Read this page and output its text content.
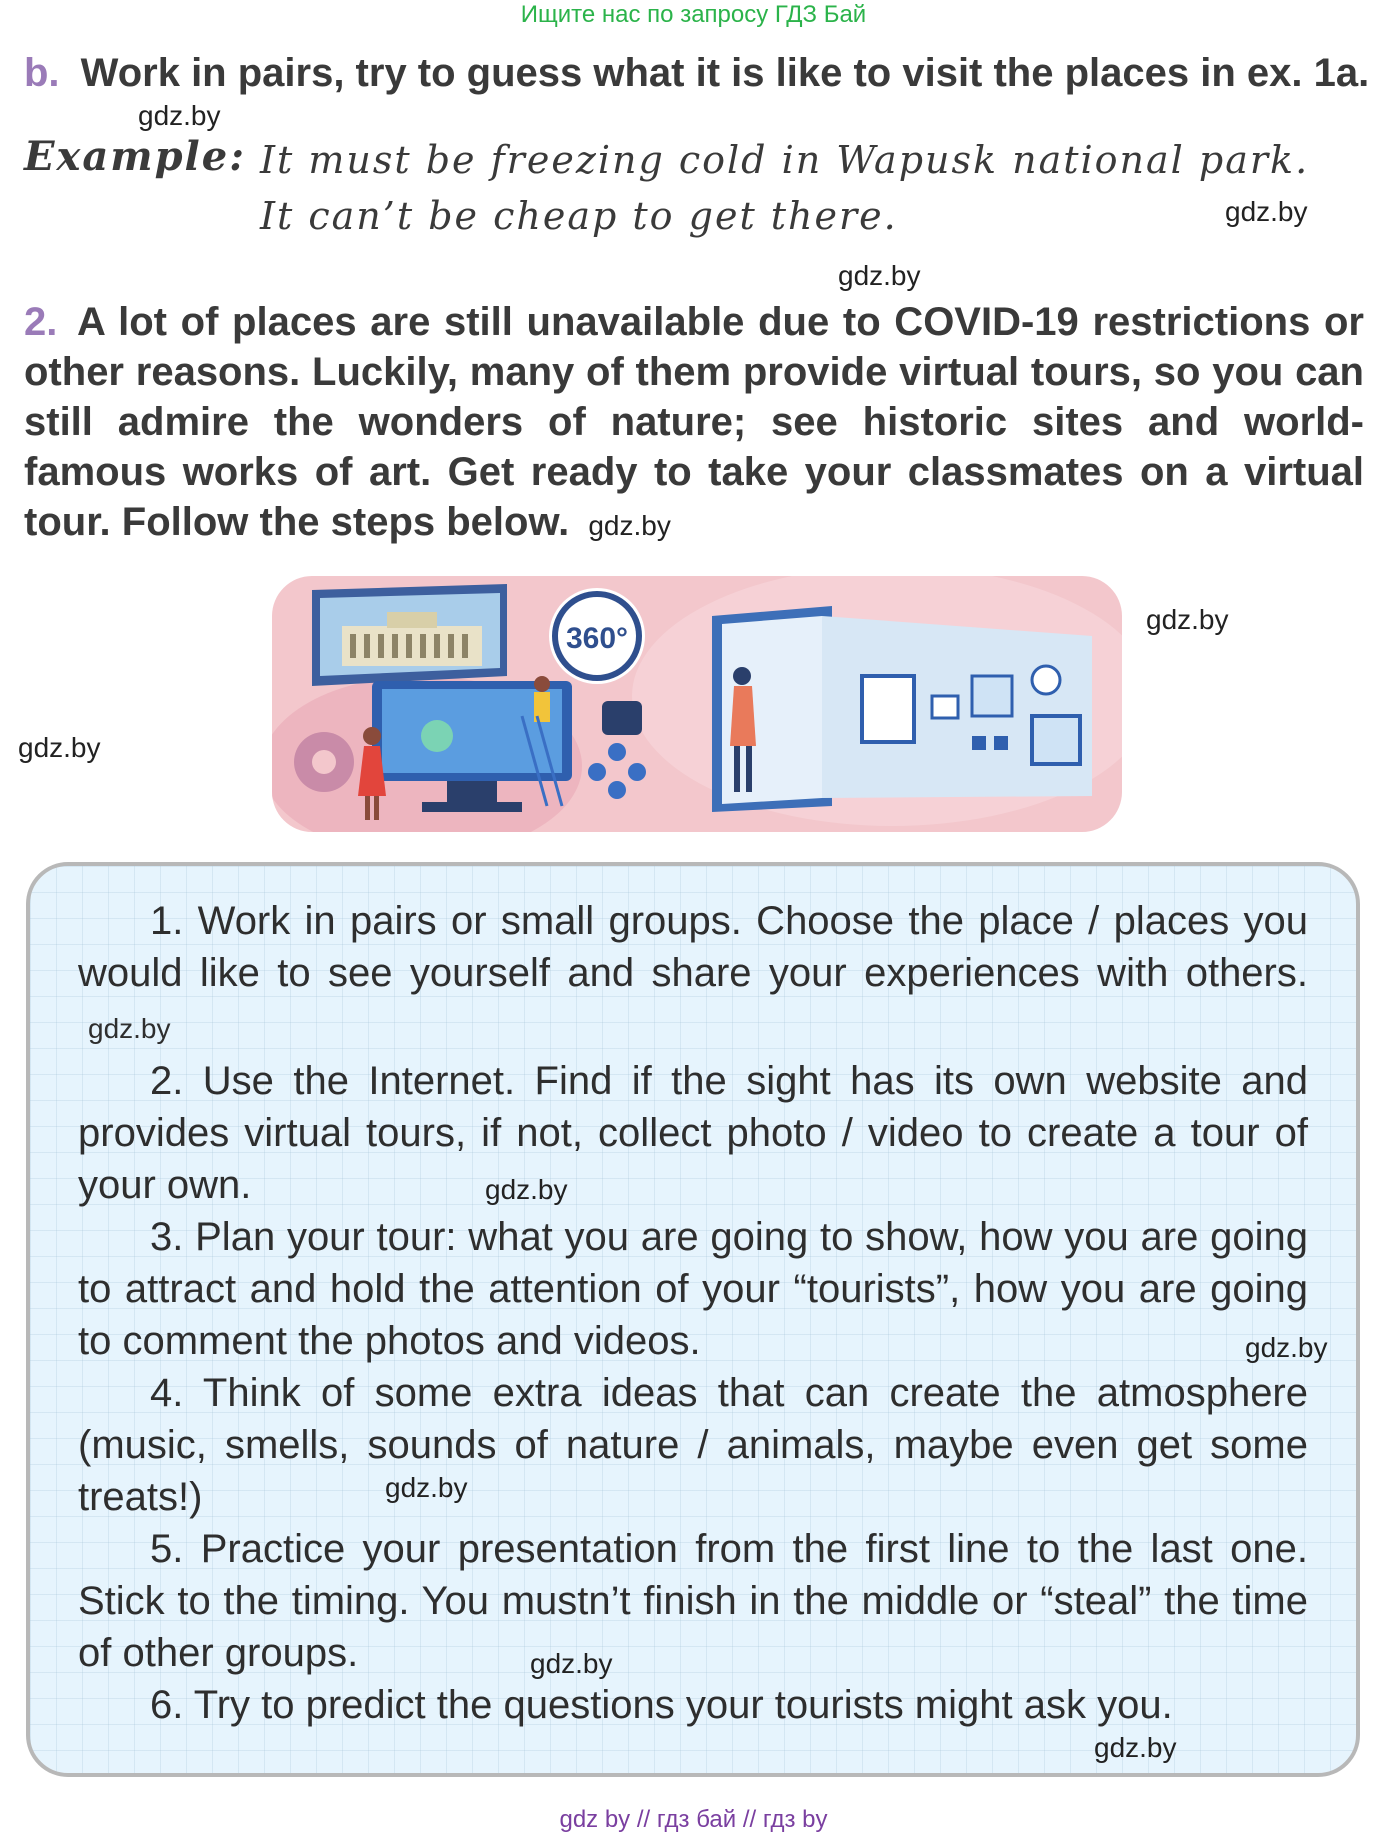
Ищите нас по запросу ГДЗ Бай
b. Work in pairs, try to guess what it is like to visit the places in ex. 1a.
gdz.by
Example: It must be freezing cold in Wapusk national park.
It can’t be cheap to get there.	gdz.by
gdz.by
2. A lot of places are still unavailable due to COVID-19 restrictions or other reasons. Luckily, many of them provide virtual tours, so you can still admire the wonders of nature; see historic sites and world-famous works of art. Get ready to take your classmates on a virtual tour. Follow the steps below. gdz.by
360°
gdz.by
gdz.by

1. Work in pairs or small groups. Choose the place / places you would like to see yourself and share your experiences with others. gdz.by

2. Use the Internet. Find if the sight has its own website and provides virtual tours, if not, collect photo / video to create a tour of your own.

3. Plan your tour: what you are going to show, how you are going to attract and hold the attention of your “tourists”, how you are going to comment the photos and videos.

4. Think of some extra ideas that can create the atmosphere (music, smells, sounds of nature / animals, maybe even get some treats!)

5. Practice your presentation from the first line to the last one. Stick to the timing. You mustn’t finish in the middle or “steal” the time of other groups.

6. Try to predict the questions your tourists might ask you.

gdz.by
gdz.by
gdz.by
gdz.by
gdz.by
gdz by // гдз бай // гдз by
